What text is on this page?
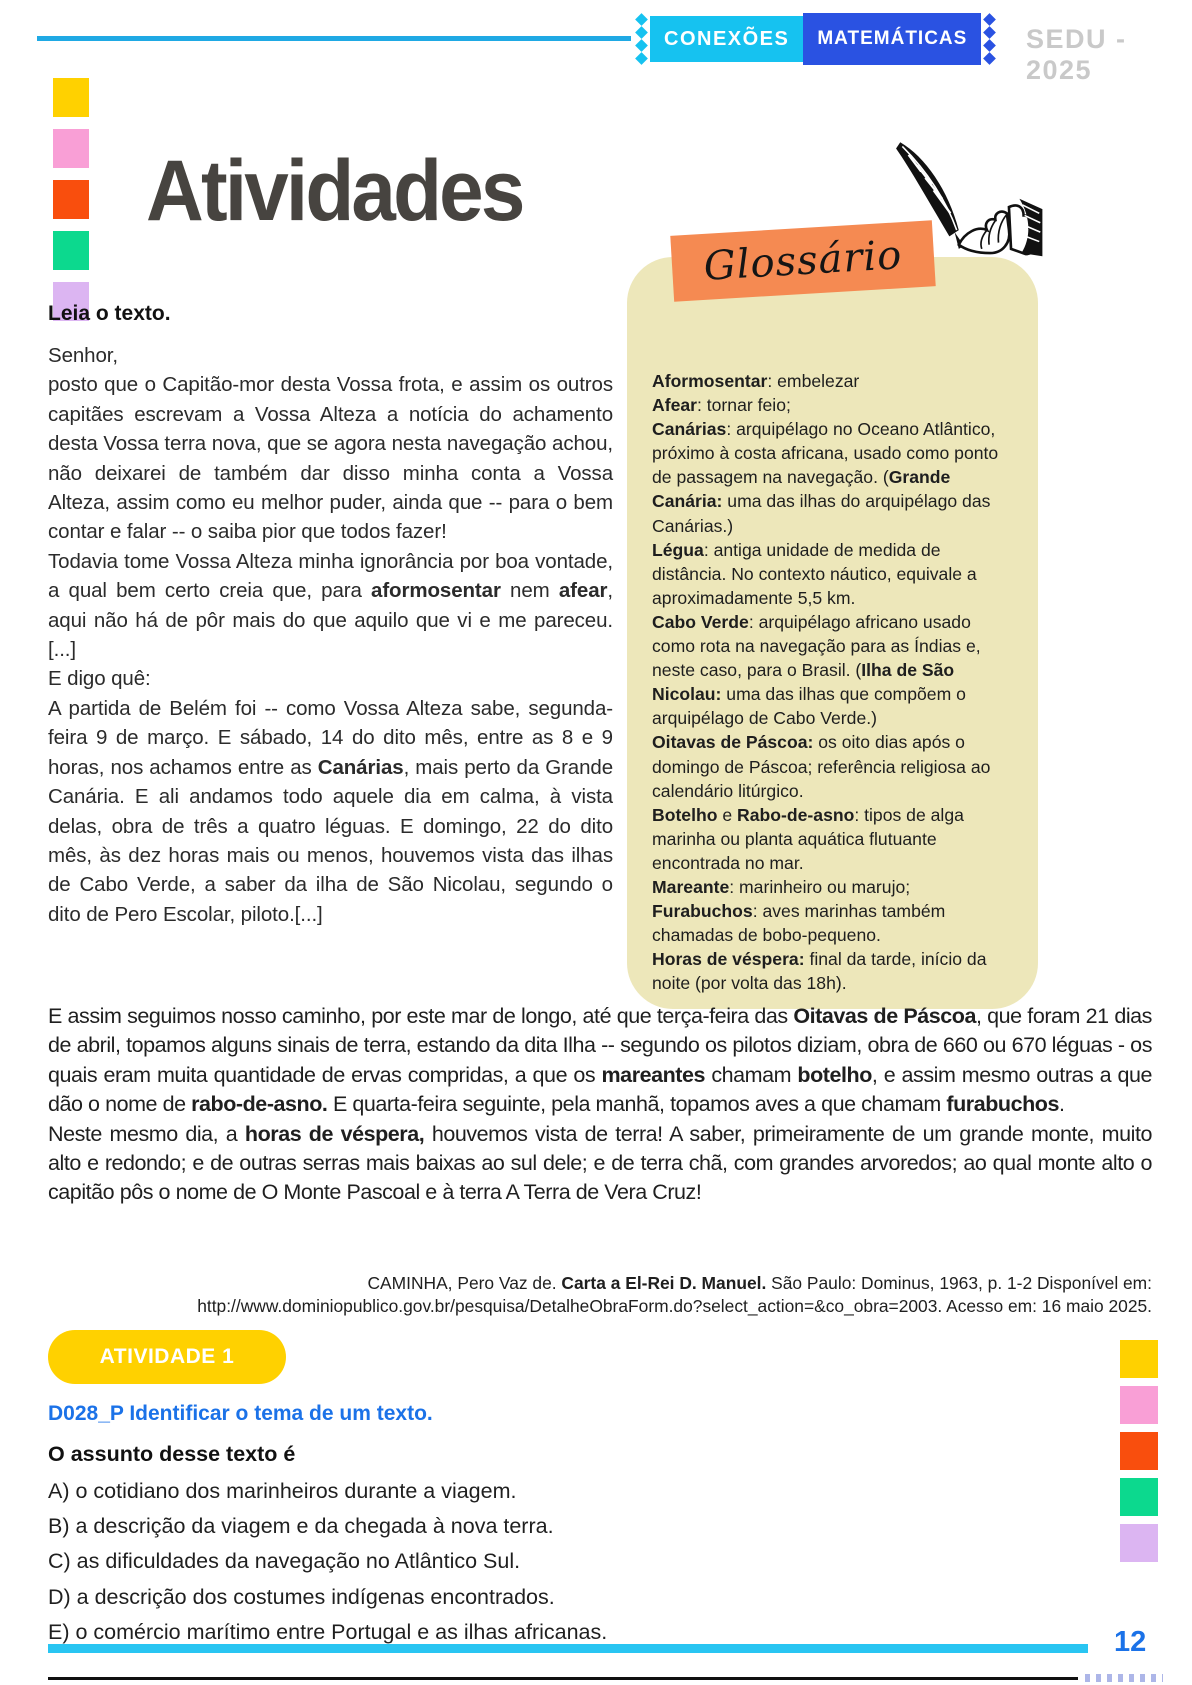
CONEXÕES	MATEMÁTICAS	SEDU - 2025
Atividades
Glossário

Aformosentar: embelezar

Afear: tornar feio;

Canárias: arquipélago no Oceano Atlântico, próximo à costa africana, usado como ponto de passagem na navegação. (Grande Canária: uma das ilhas do arquipélago das Canárias.)

Légua: antiga unidade de medida de distância. No contexto náutico, equivale a aproximadamente 5,5 km.

Cabo Verde: arquipélago africano usado como rota na navegação para as Índias e, neste caso, para o Brasil. (Ilha de São Nicolau: uma das ilhas que compõem o arquipélago de Cabo Verde.)

Oitavas de Páscoa: os oito dias após o domingo de Páscoa; referência religiosa ao calendário litúrgico.

Botelho e Rabo-de-asno: tipos de alga marinha ou planta aquática flutuante encontrada no mar.

Mareante: marinheiro ou marujo;

Furabuchos: aves marinhas também chamadas de bobo-pequeno.

Horas de véspera: final da tarde, início da noite (por volta das 18h).

Leia o texto.

Senhor,

posto que o Capitão-mor desta Vossa frota, e assim os outros capitães escrevam a Vossa Alteza a notícia do achamento desta Vossa terra nova, que se agora nesta navegação achou, não deixarei de também dar disso minha conta a Vossa Alteza, assim como eu melhor puder, ainda que -- para o bem contar e falar -- o saiba pior que todos fazer!

Todavia tome Vossa Alteza minha ignorância por boa vontade, a qual bem certo creia que, para aformosentar nem afear, aqui não há de pôr mais do que aquilo que vi e me pareceu. [...]

E digo quê:

A partida de Belém foi -- como Vossa Alteza sabe, segunda-feira 9 de março. E sábado, 14 do dito mês, entre as 8 e 9 horas, nos achamos entre as Canárias, mais perto da Grande Canária. E ali andamos todo aquele dia em calma, à vista delas, obra de três a quatro léguas. E domingo, 22 do dito mês, às dez horas mais ou menos, houvemos vista das ilhas de Cabo Verde, a saber da ilha de São Nicolau, segundo o dito de Pero Escolar, piloto.[...]

E assim seguimos nosso caminho, por este mar de longo, até que terça-feira das Oitavas de Páscoa, que foram 21 dias de abril, topamos alguns sinais de terra, estando da dita Ilha -- segundo os pilotos diziam, obra de 660 ou 670 léguas - os quais eram muita quantidade de ervas compridas, a que os mareantes chamam botelho, e assim mesmo outras a que dão o nome de rabo-de-asno. E quarta-feira seguinte, pela manhã, topamos aves a que chamam furabuchos.

Neste mesmo dia, a horas de véspera, houvemos vista de terra! A saber, primeiramente de um grande monte, muito alto e redondo; e de outras serras mais baixas ao sul dele; e de terra chã, com grandes arvoredos; ao qual monte alto o capitão pôs o nome de O Monte Pascoal e à terra A Terra de Vera Cruz!

CAMINHA, Pero Vaz de. Carta a El-Rei D. Manuel. São Paulo: Dominus, 1963, p. 1-2 Disponível em: http://www.dominiopublico.gov.br/pesquisa/DetalheObraForm.do?select_action=&co_obra=2003. Acesso em: 16 maio 2025.
ATIVIDADE 1
D028_P Identificar o tema de um texto.
O assunto desse texto é
A) o cotidiano dos marinheiros durante a viagem.
B) a descrição da viagem e da chegada à nova terra.
C) as dificuldades da navegação no Atlântico Sul.
D) a descrição dos costumes indígenas encontrados.
E) o comércio marítimo entre Portugal e as ilhas africanas.	12
